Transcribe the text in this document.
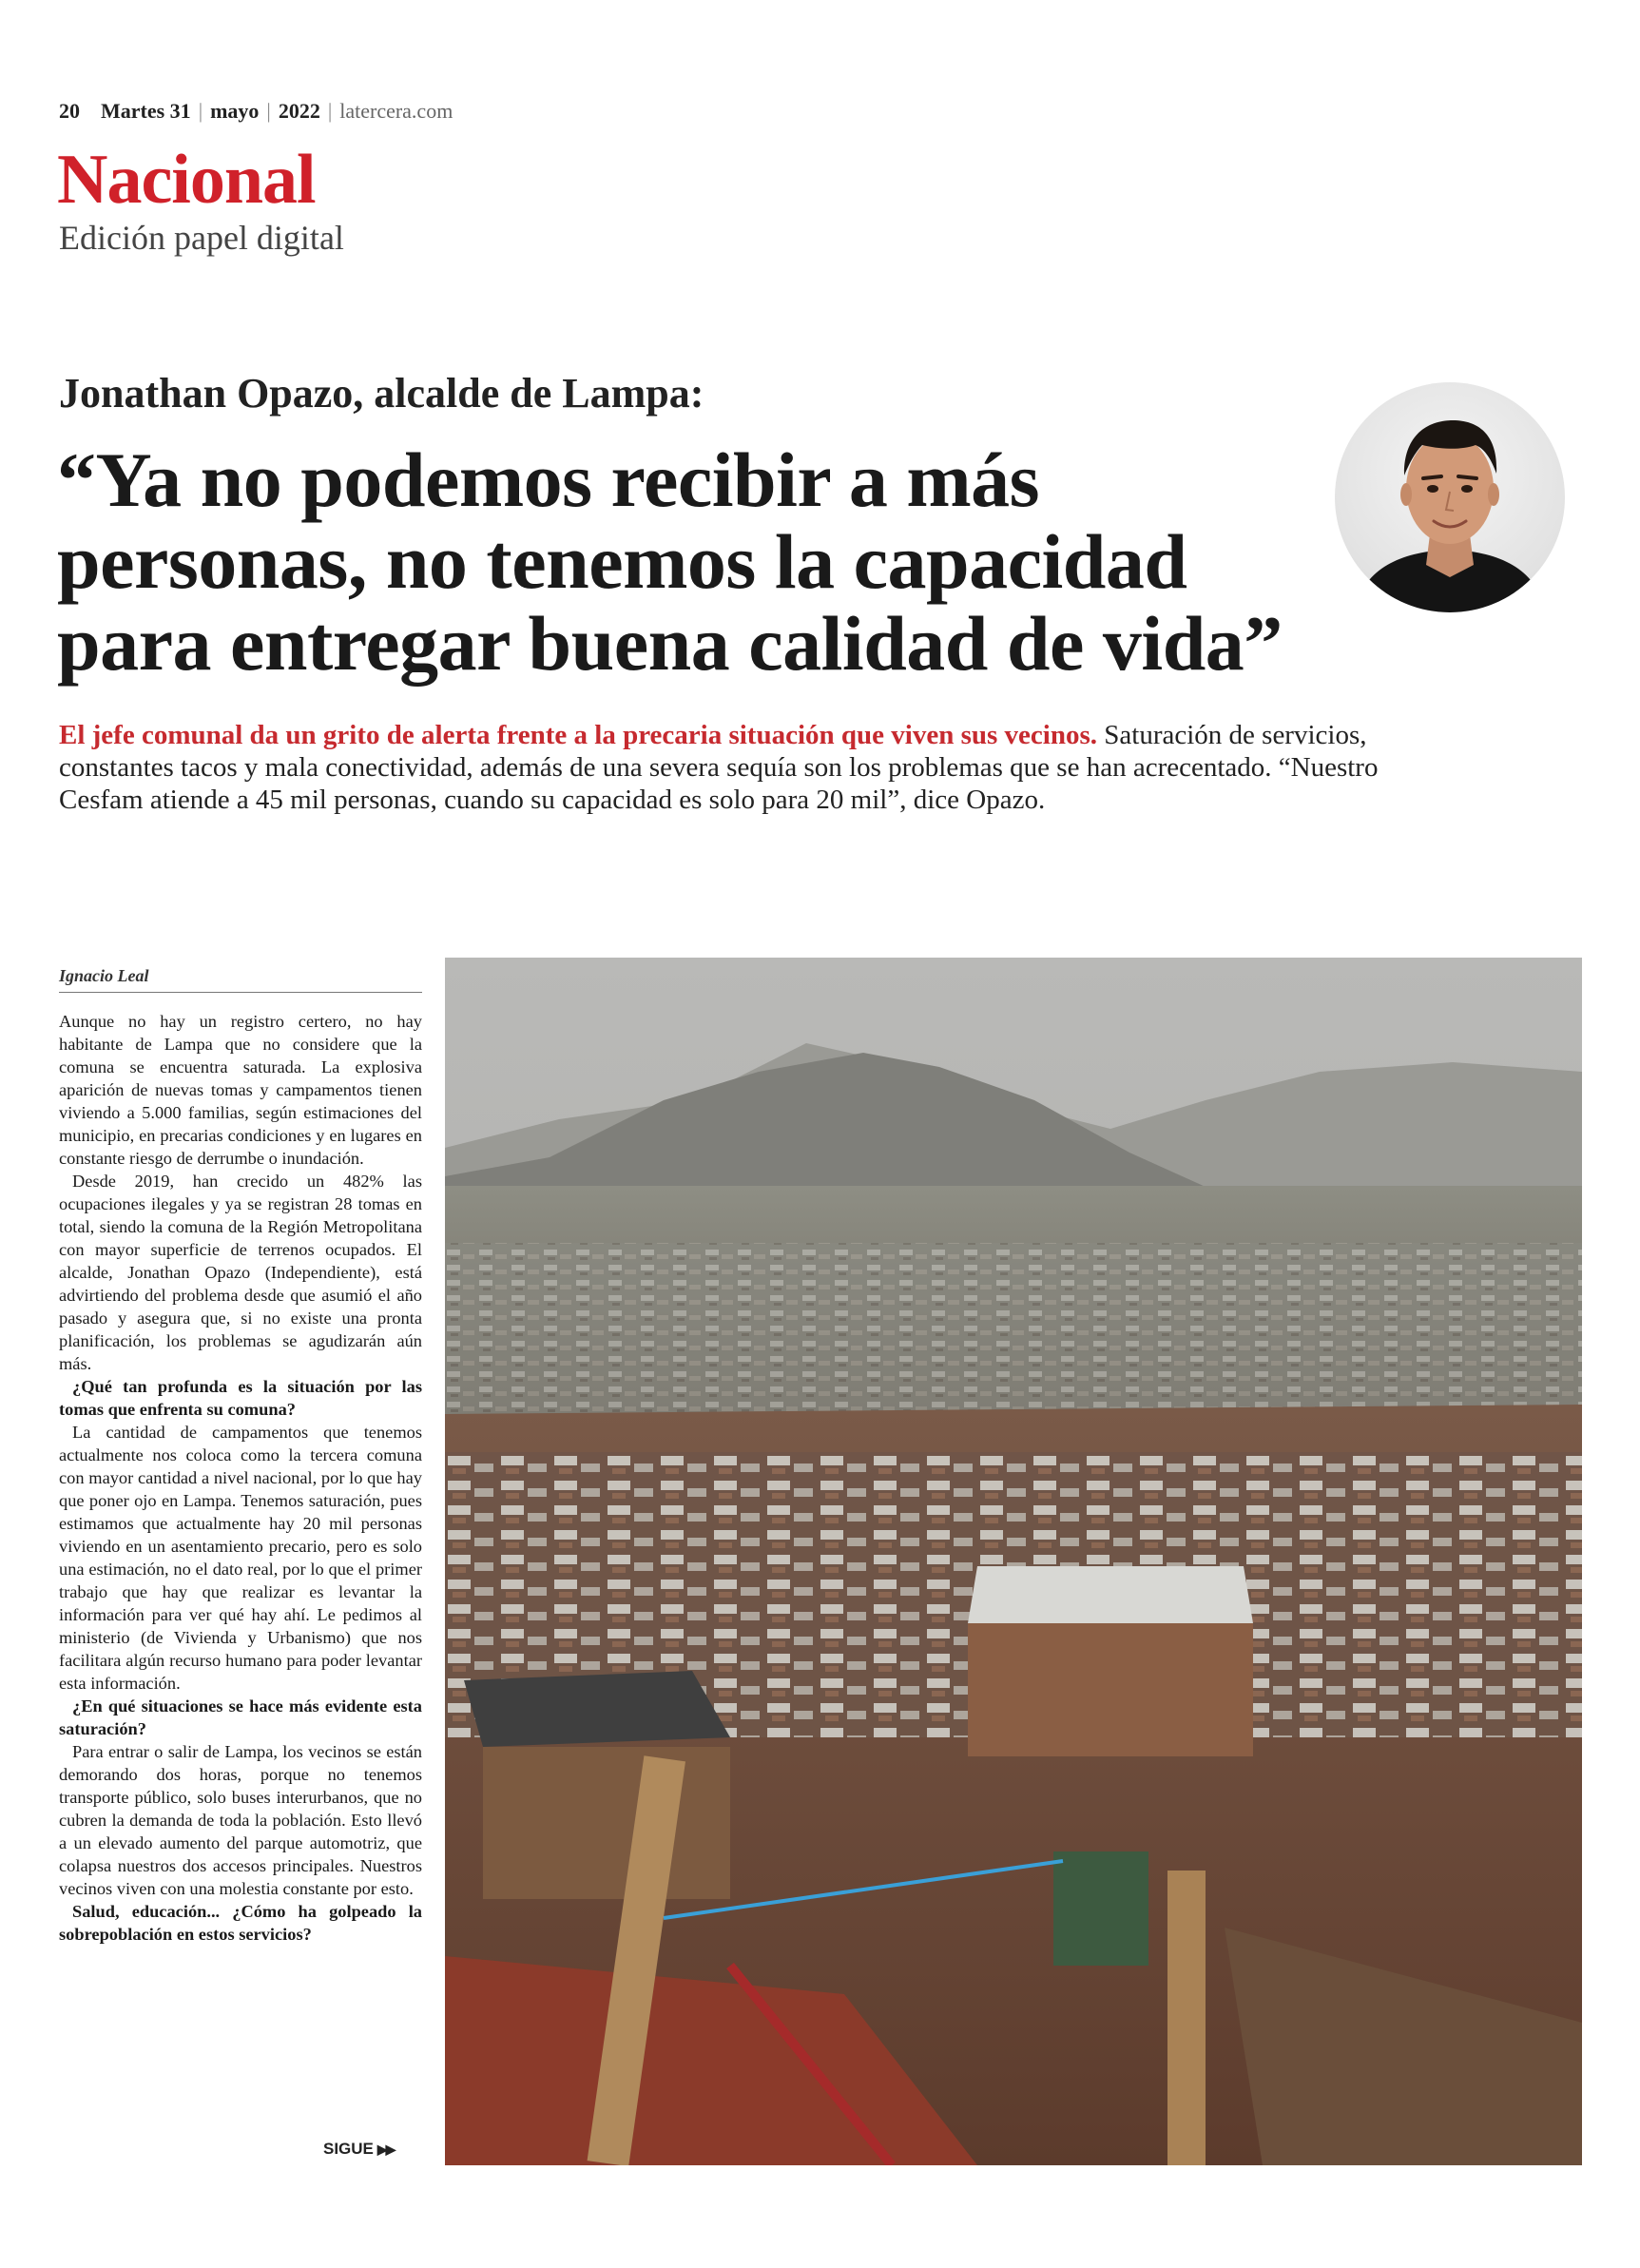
20 Martes 31 | mayo | 2022 | latercera.com
Nacional
Edición papel digital
Jonathan Opazo, alcalde de Lampa:
“Ya no podemos recibir a más
personas, no tenemos la capacidad
para entregar buena calidad de vida”
El jefe comunal da un grito de alerta frente a la precaria situación que viven sus vecinos. Saturación de servicios, constantes tacos y mala conectividad, además de una severa sequía son los problemas que se han acrecentado. “Nuestro Cesfam atiende a 45 mil personas, cuando su capacidad es solo para 20 mil”, dice Opazo.
Ignacio Leal

Aunque no hay un registro certero, no hay habitante de Lampa que no considere que la comuna se encuentra saturada. La explosiva aparición de nuevas tomas y campamentos tienen viviendo a 5.000 familias, según estimaciones del municipio, en precarias condiciones y en lugares en constante riesgo de derrumbe o inundación.

Desde 2019, han crecido un 482% las ocupaciones ilegales y ya se registran 28 tomas en total, siendo la comuna de la Región Metropolitana con mayor superficie de terrenos ocupados. El alcalde, Jonathan Opazo (Independiente), está advirtiendo del problema desde que asumió el año pasado y asegura que, si no existe una pronta planificación, los problemas se agudizarán aún más.

¿Qué tan profunda es la situación por las tomas que enfrenta su comuna?

La cantidad de campamentos que tenemos actualmente nos coloca como la tercera comuna con mayor cantidad a nivel nacional, por lo que hay que poner ojo en Lampa. Tenemos saturación, pues estimamos que actualmente hay 20 mil personas viviendo en un asentamiento precario, pero es solo una estimación, no el dato real, por lo que el primer trabajo que hay que realizar es levantar la información para ver qué hay ahí. Le pedimos al ministerio (de Vivienda y Urbanismo) que nos facilitara algún recurso humano para poder levantar esta información.

¿En qué situaciones se hace más evidente esta saturación?

Para entrar o salir de Lampa, los vecinos se están demorando dos horas, porque no tenemos transporte público, solo buses interurbanos, que no cubren la demanda de toda la población. Esto llevó a un elevado aumento del parque automotriz, que colapsa nuestros dos accesos principales. Nuestros vecinos viven con una molestia constante por esto.

Salud, educación... ¿Cómo ha golpeado la sobrepoblación en estos servicios?

SIGUE ▶▶
